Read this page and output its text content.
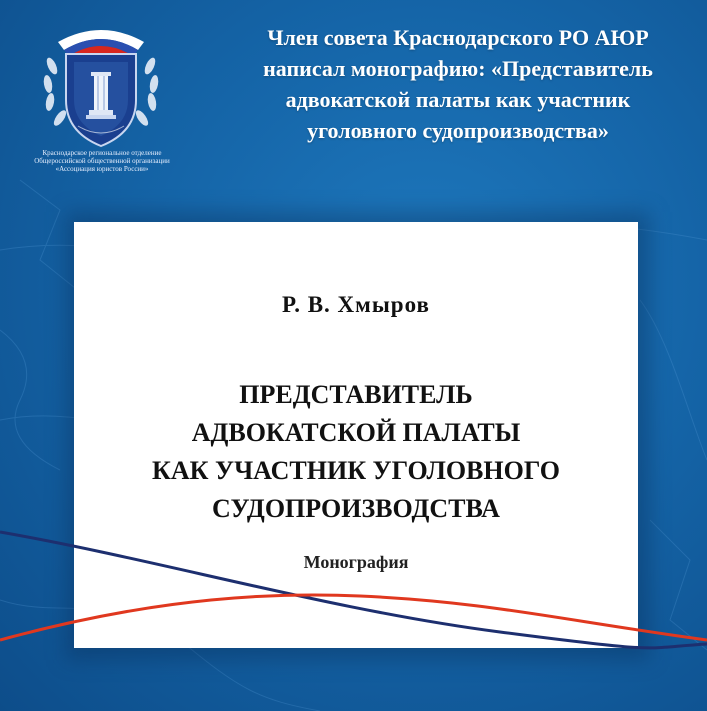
Краснодарское региональное отделение
Общероссийской общественной организации
«Ассоциация юристов России»
Член совета Краснодарского РО АЮР
написал монографию: «Представитель
адвокатской палаты как участник
уголовного судопроизводства»
Р. В. Хмыров
ПРЕДСТАВИТЕЛЬ
АДВОКАТСКОЙ ПАЛАТЫ
КАК УЧАСТНИК УГОЛОВНОГО
СУДОПРОИЗВОДСТВА
Монография
